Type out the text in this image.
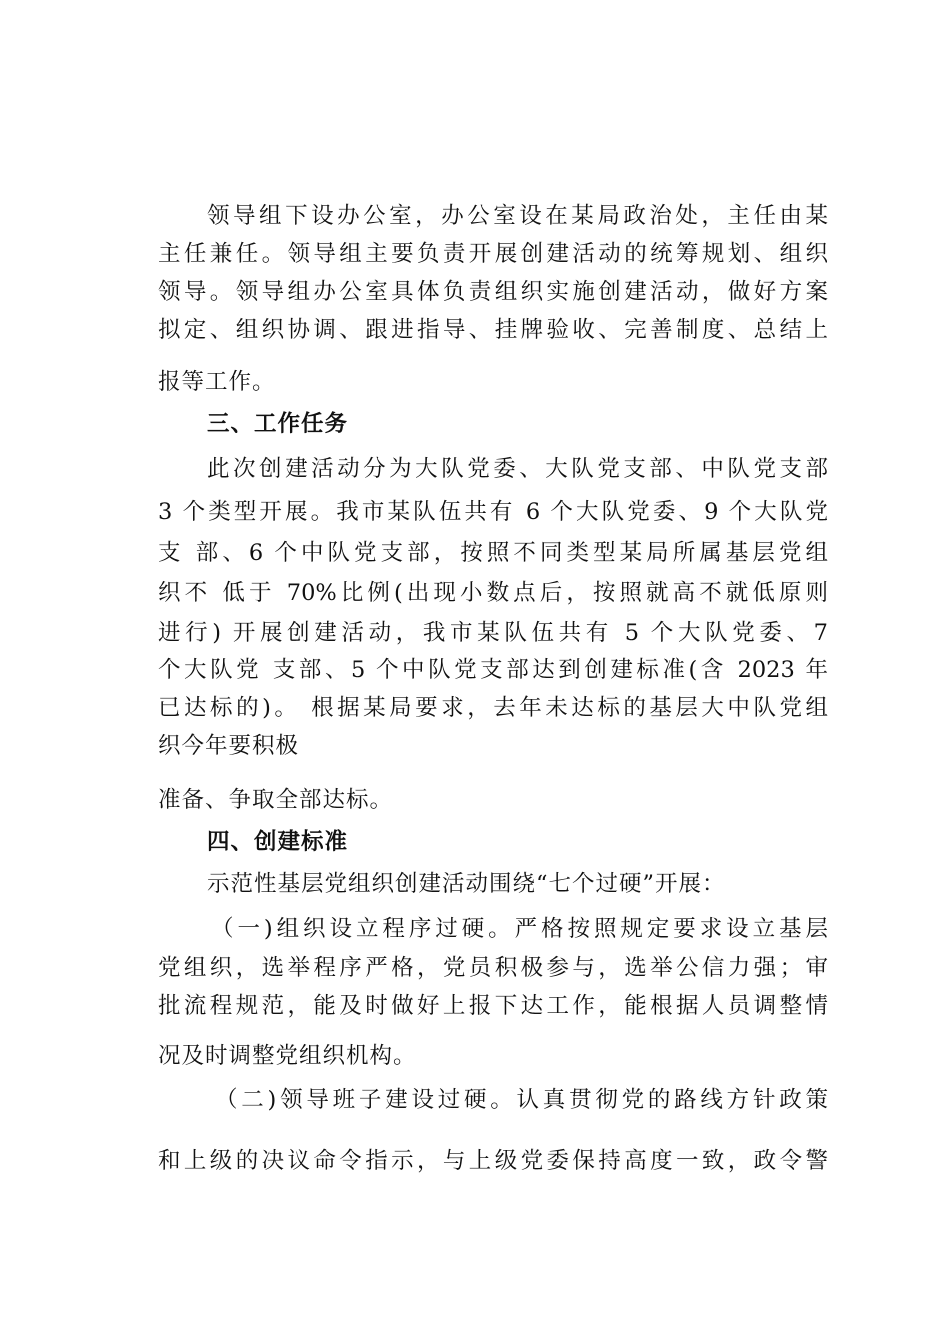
领导组下设办公室，办公室设在某局政治处，主任由某
主任兼任。领导组主要负责开展创建活动的统筹规划、组织
领导。领导组办公室具体负责组织实施创建活动，做好方案
拟定、组织协调、跟进指导、挂牌验收、完善制度、总结上
报等工作。
三、工作任务
此次创建活动分为大队党委、大队党支部、中队党支部
3 个类型开展。我市某队伍共有 6 个大队党委、9 个大队党
支 部、6 个中队党支部，按照不同类型某局所属基层党组
织不 低于 70%比例(出现小数点后，按照就高不就低原则
进行) 开展创建活动，我市某队伍共有 5 个大队党委、7
个大队党 支部、5 个中队党支部达到创建标准(含 2023 年
已达标的)。 根据某局要求，去年未达标的基层大中队党组
织今年要积极
准备、争取全部达标。
四、创建标准
示范性基层党组织创建活动围绕“七个过硬”开展：
（一)组织设立程序过硬。严格按照规定要求设立基层
党组织，选举程序严格，党员积极参与，选举公信力强；审
批流程规范，能及时做好上报下达工作，能根据人员调整情
况及时调整党组织机构。
（二)领导班子建设过硬。认真贯彻党的路线方针政策
和上级的决议命令指示，与上级党委保持高度一致，政令警
